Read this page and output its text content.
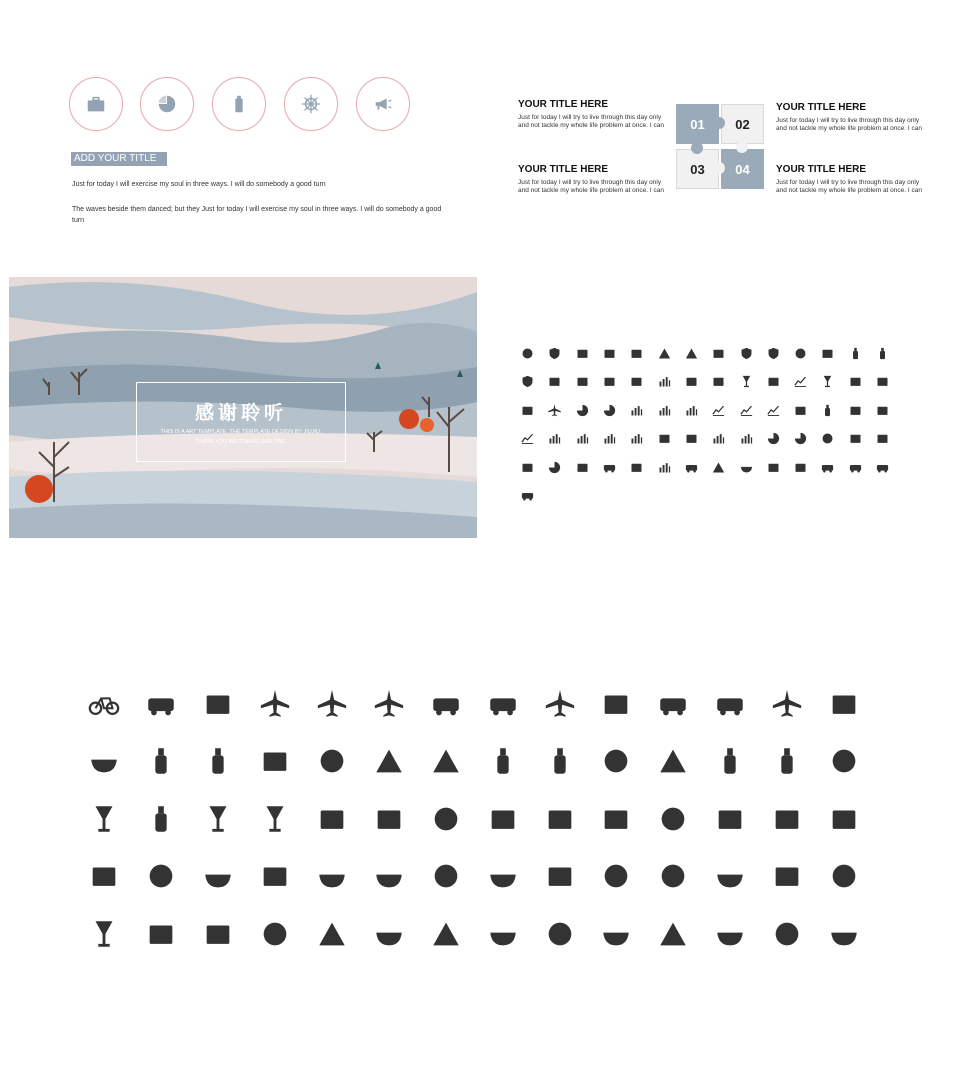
ADD YOUR TITLE
Just for today I will exercise my soul in three ways. I will do somebody a good turn
The waves beside them danced; but they Just for today I will exercise my soul in three ways. I will do somebody a good turn
YOUR TITLE HERE
Just for today I will try to live through this day only and not tackle my whole life problem at once. I can
YOUR TITLE HERE
Just for today I will try to live through this day only and not tackle my whole life problem at once. I can
YOUR TITLE HERE
Just for today I will try to live through this day only and not tackle my whole life problem at once. I can
YOUR TITLE HERE
Just for today I will try to live through this day only and not tackle my whole life problem at once. I can
01	02
03	04
感谢聆听
THIS IS A ART TEMPLATE ,THE TEMPLATE DESIGN BY JIUJIU.
THANK YOU WATCHING THIS ONE.
